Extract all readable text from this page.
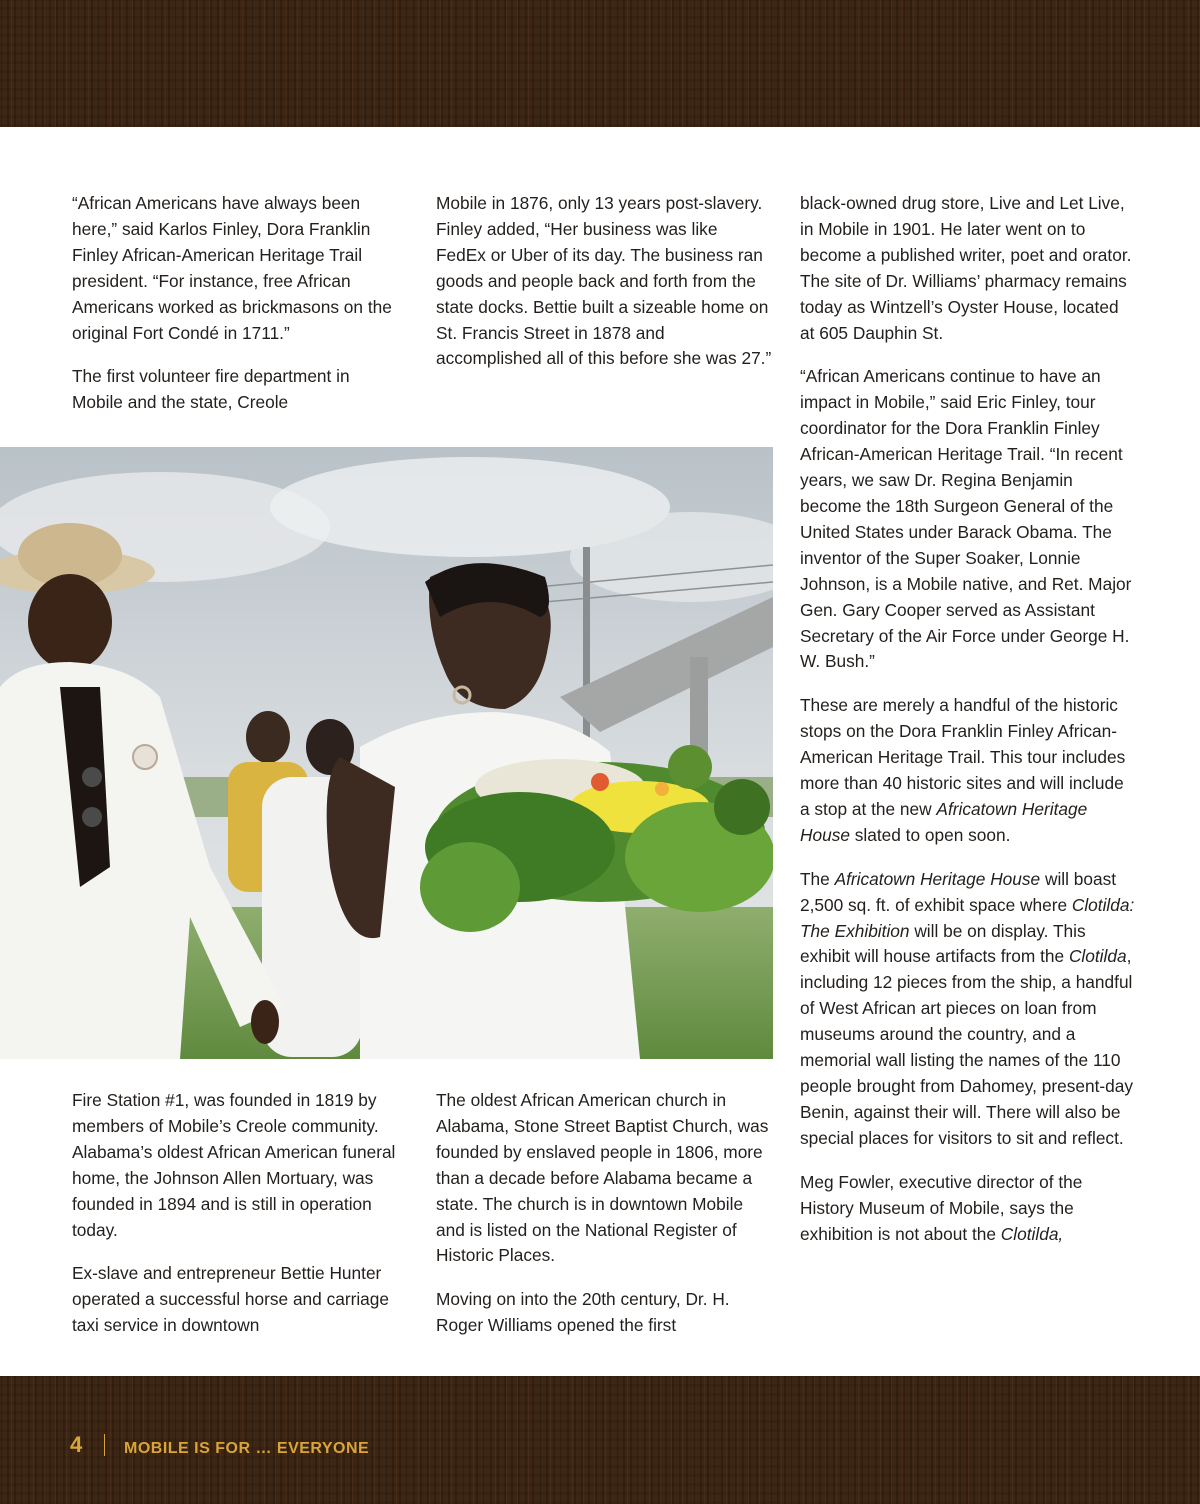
“African Americans have always been here,” said Karlos Finley, Dora Franklin Finley African-American Heritage Trail president. “For instance, free African Americans worked as brickmasons on the original Fort Condé in 1711.”

The first volunteer fire department in Mobile and the state, Creole

Mobile in 1876, only 13 years post-slavery. Finley added, “Her business was like FedEx or Uber of its day. The business ran goods and people back and forth from the state docks. Bettie built a sizeable home on St. Francis Street in 1878 and accomplished all of this before she was 27.”

black-owned drug store, Live and Let Live, in Mobile in 1901. He later went on to become a published writer, poet and orator. The site of Dr. Williams’ pharmacy remains today as Wintzell’s Oyster House, located at 605 Dauphin St.

“African Americans continue to have an impact in Mobile,” said Eric Finley, tour coordinator for the Dora Franklin Finley African-American Heritage Trail. “In recent years, we saw Dr. Regina Benjamin become the 18th Surgeon General of the United States under Barack Obama. The inventor of the Super Soaker, Lonnie Johnson, is a Mobile native, and Ret. Major Gen. Gary Cooper served as Assistant Secretary of the Air Force under George H. W. Bush.”

These are merely a handful of the historic stops on the Dora Franklin Finley African-American Heritage Trail. This tour includes more than 40 historic sites and will include a stop at the new Africatown Heritage House slated to open soon.

The Africatown Heritage House will boast 2,500 sq. ft. of exhibit space where Clotilda: The Exhibition will be on display. This exhibit will house artifacts from the Clotilda, including 12 pieces from the ship, a handful of West African art pieces on loan from museums around the country, and a memorial wall listing the names of the 110 people brought from Dahomey, present-day Benin, against their will. There will also be special places for visitors to sit and reflect.

Meg Fowler, executive director of the History Museum of Mobile, says the exhibition is not about the Clotilda,

Fire Station #1, was founded in 1819 by members of Mobile’s Creole community. Alabama’s oldest African American funeral home, the Johnson Allen Mortuary, was founded in 1894 and is still in operation today.

Ex-slave and entrepreneur Bettie Hunter operated a successful horse and carriage taxi service in downtown

The oldest African American church in Alabama, Stone Street Baptist Church, was founded by enslaved people in 1806, more than a decade before Alabama became a state. The church is in downtown Mobile and is listed on the National Register of Historic Places.

Moving on into the 20th century, Dr. H. Roger Williams opened the first

4	MOBILE IS FOR … EVERYONE
